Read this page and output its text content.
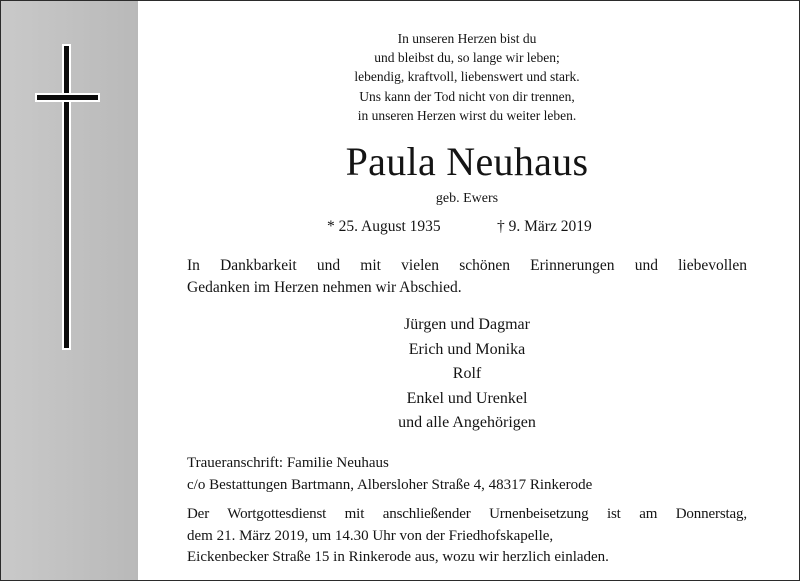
In unseren Herzen bist du
und bleibst du, so lange wir leben;
lebendig, kraftvoll, liebenswert und stark.
Uns kann der Tod nicht von dir trennen,
in unseren Herzen wirst du weiter leben.
Paula Neuhaus
geb. Ewers
* 25. August 1935	† 9. März 2019
In Dankbarkeit und mit vielen schönen Erinnerungen und liebevollen
Gedanken im Herzen nehmen wir Abschied.
Jürgen und Dagmar
Erich und Monika
Rolf
Enkel und Urenkel
und alle Angehörigen
Traueranschrift: Familie Neuhaus
c/o Bestattungen Bartmann, Albersloher Straße 4, 48317 Rinkerode
Der Wortgottesdienst mit anschließender Urnenbeisetzung ist am Donnerstag,
dem 21. März 2019, um 14.30 Uhr von der Friedhofskapelle,
Eickenbecker Straße 15 in Rinkerode aus, wozu wir herzlich einladen.
